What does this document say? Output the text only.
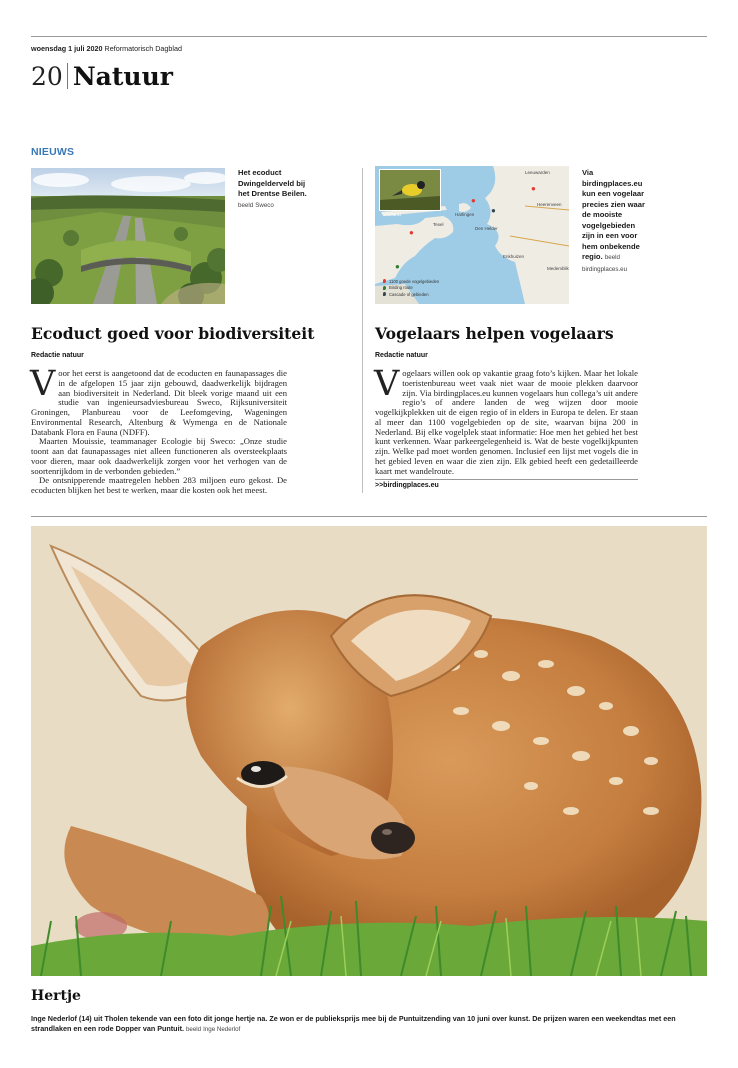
woensdag 1 juli 2020 Reformatorisch Dagblad
20 Natuur
NIEUWS
Het ecoduct Dwingelderveld bij het Drentse Beilen. beeld Sweco
Leeuwarden
Heerenveen
Vlieland	Harlingen
Texel
Den Helder
Enkhuizen
Medemblik
●
●
●
●
●
1100 goede vogelgebieden
Birding route
Cascade of gebieden
Via birdingplaces.eu kun een vogelaar precies zien waar de mooiste vogelgebieden zijn in een voor hem onbekende regio. beeld birdingplaces.eu
Ecoduct goed voor biodiversiteit
Redactie natuur

Voor het eerst is aangetoond dat de ecoducten en faunapassages die in de afgelopen 15 jaar zijn gebouwd, daadwerkelijk bijdragen aan biodiversiteit in Nederland. Dit bleek vorige maand uit een studie van ingenieursadviesbureau Sweco, Rijksuniversiteit Groningen, Planbureau voor de Leefomgeving, Wageningen Environmental Research, Altenburg & Wymenga en de Nationale Databank Flora en Fauna (NDFF).

Maarten Mouissie, teammanager Ecologie bij Sweco: „Onze studie toont aan dat faunapassages niet alleen functioneren als oversteekplaats voor dieren, maar ook daadwerkelijk zorgen voor het verhogen van de soortenrijkdom in de verbonden gebieden.”

De ontsnipperende maatregelen hebben 283 miljoen euro gekost. De ecoducten blijken het best te werken, maar die kosten ook het meest.

Vogelaars helpen vogelaars
Redactie natuur

Vogelaars willen ook op vakantie graag foto’s kijken. Maar het lokale toeristenbureau weet vaak niet waar de mooie plekken daarvoor zijn. Via birdingplaces.eu kunnen vogelaars hun collega’s uit andere regio’s of andere landen de weg wijzen door mooie vogelkijkplekken uit de eigen regio of in elders in Europa te delen. Er staan al meer dan 1100 vogelgebieden op de site, waarvan bijna 200 in Nederland. Bij elke vogelplek staat informatie: Hoe men het gebied het best kunt verkennen. Waar parkeergelegenheid is. Wat de beste vogelkijkpunten zijn. Welke pad moet worden genomen. Inclusief een lijst met vogels die in het gebied leven en waar die zien zijn. Elk gebied heeft een gedetailleerde kaart met wandelroute.

>>birdingplaces.eu
Hertje
Inge Nederlof (14) uit Tholen tekende van een foto dit jonge hertje na. Ze won er de publieksprijs mee bij de Puntuitzending van 10 juni over kunst. De prijzen waren een weekendtas met een strandlaken en een rode Dopper van Puntuit. beeld Inge Nederlof
